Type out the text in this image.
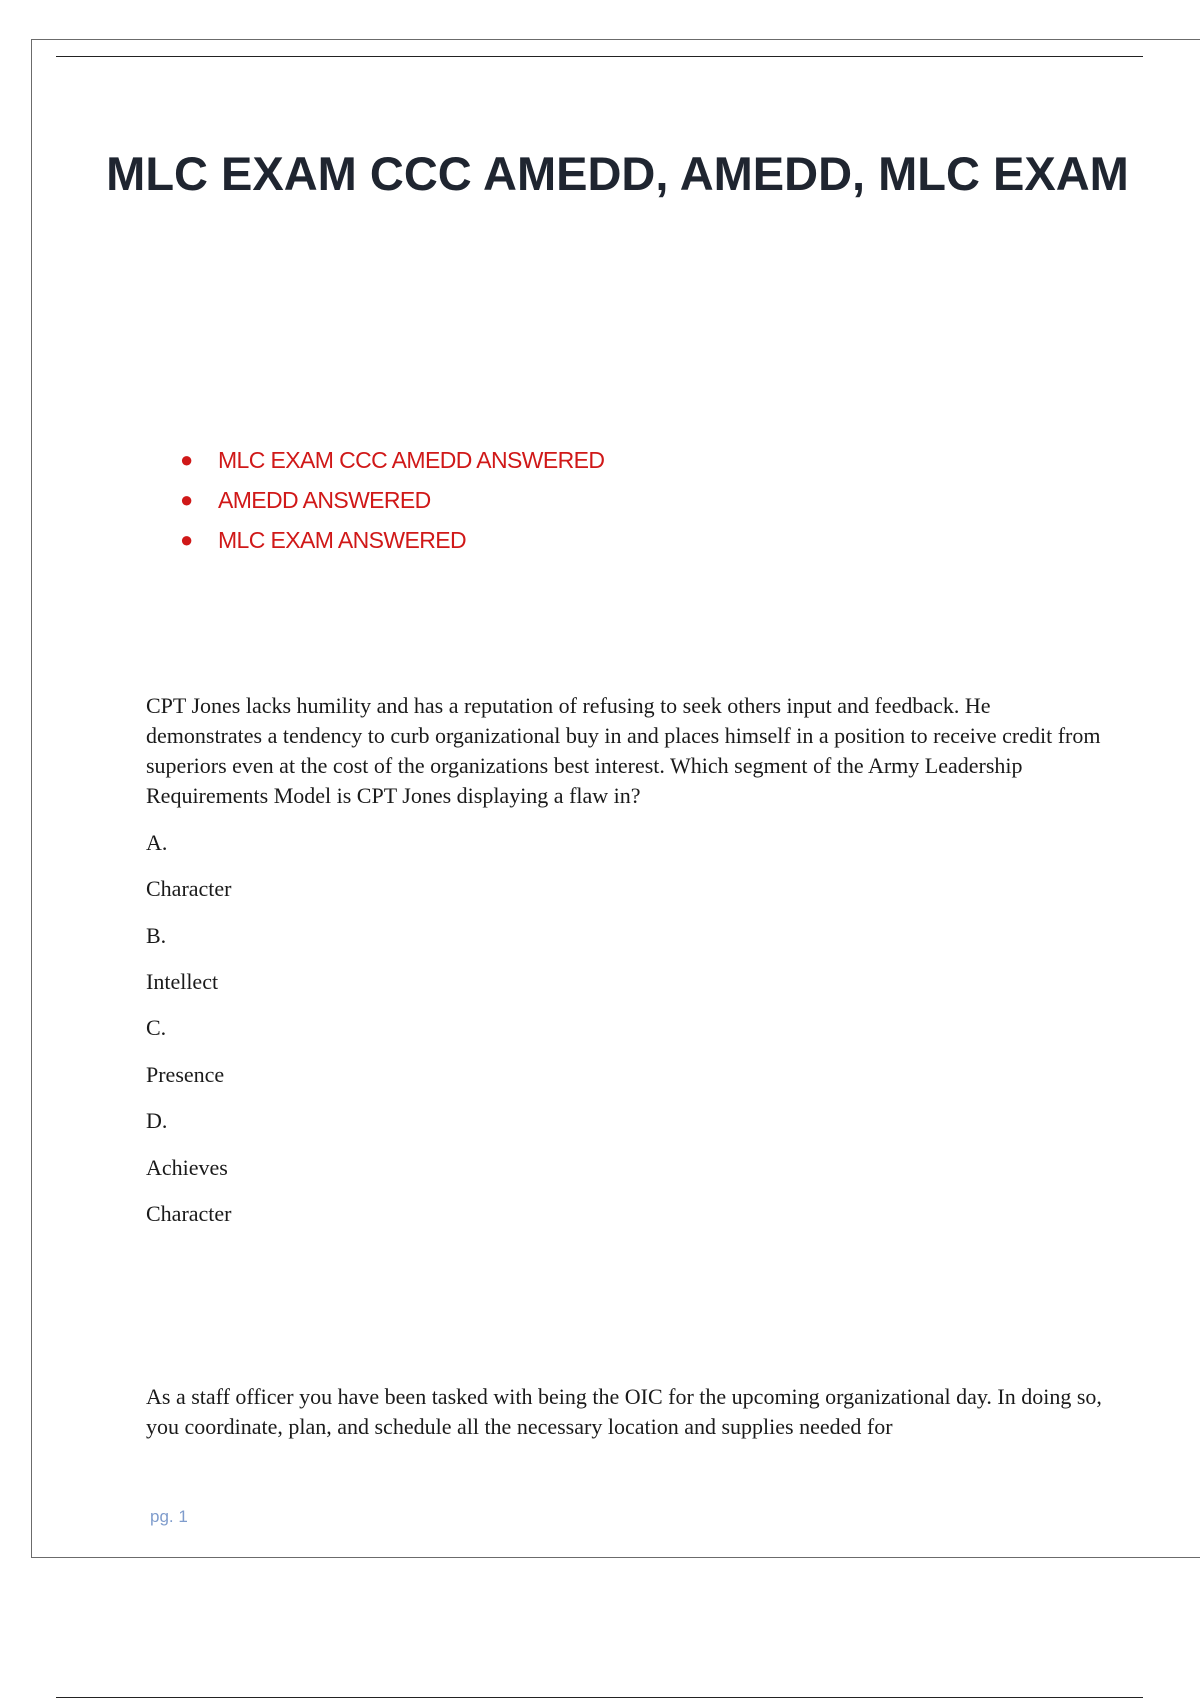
MLC EXAM CCC AMEDD, AMEDD, MLC EXAM
● MLC EXAM CCC AMEDD ANSWERED
● AMEDD ANSWERED
● MLC EXAM ANSWERED

CPT Jones lacks humility and has a reputation of refusing to seek others input and feedback. He demonstrates a tendency to curb organizational buy in and places himself in a position to receive credit from superiors even at the cost of the organizations best interest. Which segment of the Army Leadership Requirements Model is CPT Jones displaying a flaw in?

A.

Character

B.

Intellect

C.

Presence

D.

Achieves

Character

As a staff officer you have been tasked with being the OIC for the upcoming organizational day. In doing so, you coordinate, plan, and schedule all the necessary location and supplies needed for

pg. 1
